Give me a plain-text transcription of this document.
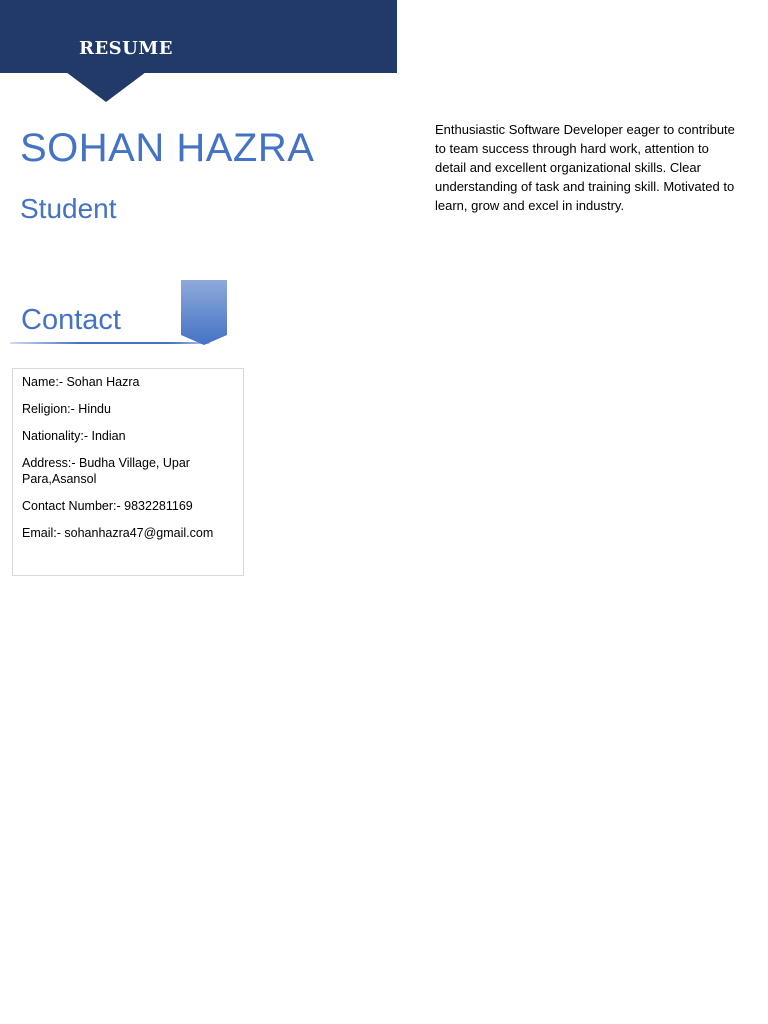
RESUME
SOHAN HAZRA
Student
Enthusiastic Software Developer eager to contribute to team success through hard work, attention to detail and excellent organizational skills. Clear understanding of task and training skill. Motivated to learn, grow and excel in industry.
Contact
Name:- Sohan Hazra
Religion:- Hindu
Nationality:- Indian
Address:- Budha Village, Upar Para,Asansol
Contact Number:- 9832281169
Email:- sohanhazra47@gmail.com
